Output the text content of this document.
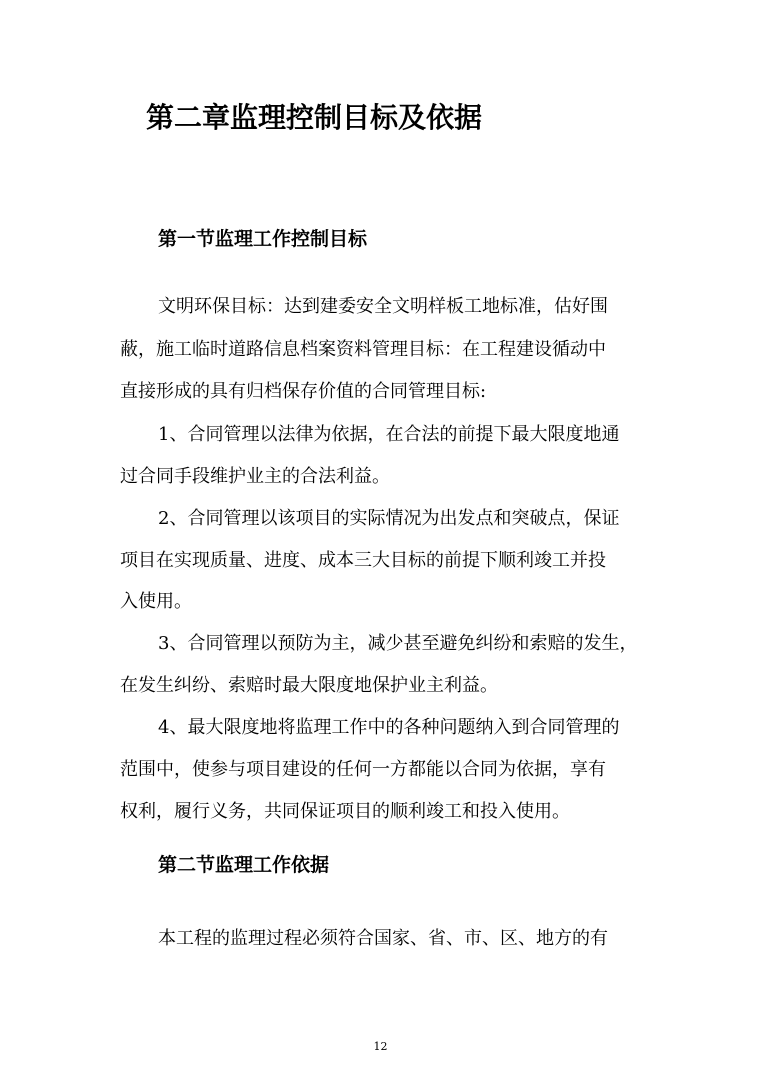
第二章监理控制目标及依据
第一节监理工作控制目标
文明环保目标：达到建委安全文明样板工地标准，估好围
蔽，施工临时道路信息档案资料管理目标：在工程建设循动中
直接形成的具有归档保存价值的合同管理目标:
1、合同管理以法律为依据，在合法的前提下最大限度地通
过合同手段维护业主的合法利益。
2、合同管理以该项目的实际情况为出发点和突破点，保证
项目在实现质量、进度、成本三大目标的前提下顺利竣工并投
入使用。
3、合同管理以预防为主，减少甚至避免纠纷和索赔的发生，
在发生纠纷、索赔时最大限度地保护业主利益。
4、最大限度地将监理工作中的各种问题纳入到合同管理的
范围中，使参与项目建设的任何一方都能以合同为依据，享有
权利，履行义务，共同保证项目的顺利竣工和投入使用。
第二节监理工作依据
本工程的监理过程必须符合国家、省、市、区、地方的有
12
